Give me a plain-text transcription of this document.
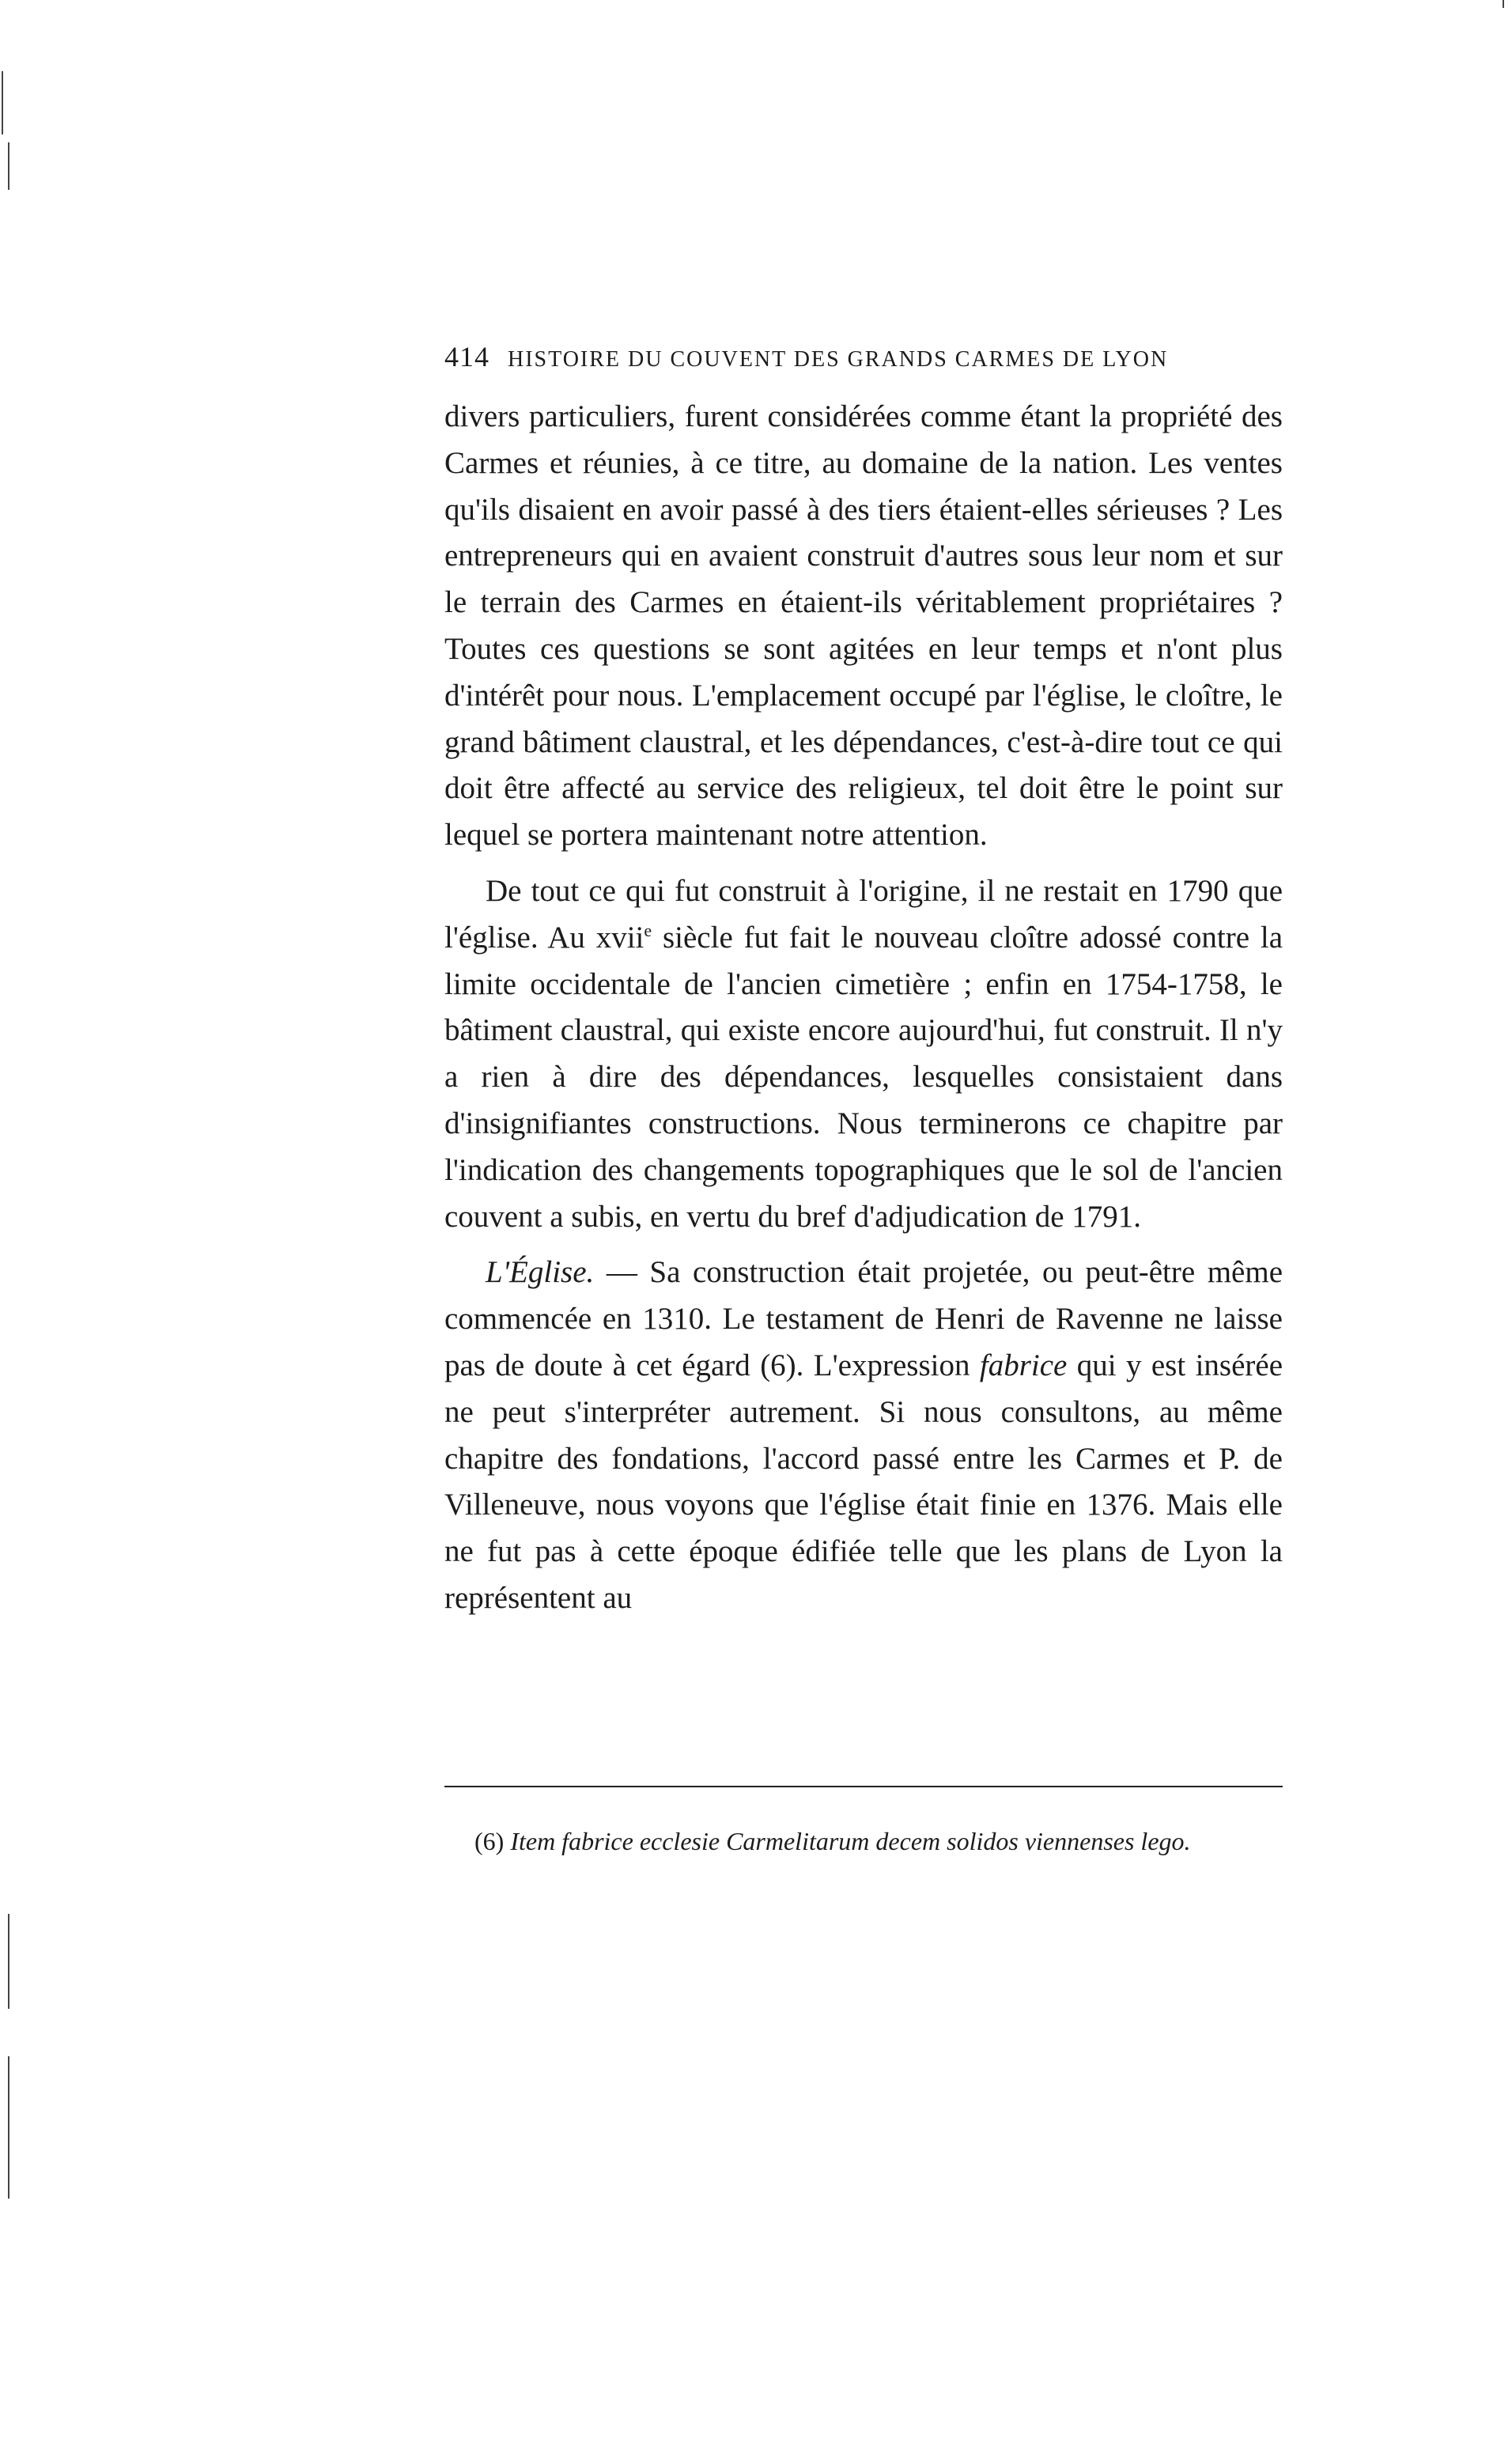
414 HISTOIRE DU COUVENT DES GRANDS CARMES DE LYON

divers particuliers, furent considérées comme étant la propriété des Carmes et réunies, à ce titre, au domaine de la nation. Les ventes qu'ils disaient en avoir passé à des tiers étaient-elles sérieuses ? Les entrepreneurs qui en avaient construit d'autres sous leur nom et sur le terrain des Carmes en étaient-ils véritablement propriétaires ? Toutes ces questions se sont agitées en leur temps et n'ont plus d'intérêt pour nous. L'emplacement occupé par l'église, le cloître, le grand bâtiment claustral, et les dépendances, c'est-à-dire tout ce qui doit être affecté au service des religieux, tel doit être le point sur lequel se portera maintenant notre attention.

De tout ce qui fut construit à l'origine, il ne restait en 1790 que l'église. Au xvii$^e$ siècle fut fait le nouveau cloître adossé contre la limite occidentale de l'ancien cimetière ; enfin en 1754-1758, le bâtiment claustral, qui existe encore aujourd'hui, fut construit. Il n'y a rien à dire des dépendances, lesquelles consistaient dans d'insignifiantes constructions. Nous terminerons ce chapitre par l'indication des changements topographiques que le sol de l'ancien couvent a subis, en vertu du bref d'adjudication de 1791.

L'Église. — Sa construction était projetée, ou peut-être même commencée en 1310. Le testament de Henri de Ravenne ne laisse pas de doute à cet égard (6). L'expression fabrice qui y est insérée ne peut s'interpréter autrement. Si nous consultons, au même chapitre des fondations, l'accord passé entre les Carmes et P. de Villeneuve, nous voyons que l'église était finie en 1376. Mais elle ne fut pas à cette époque édifiée telle que les plans de Lyon la représentent au

(6) Item fabrice ecclesie Carmelitarum decem solidos viennenses lego.
